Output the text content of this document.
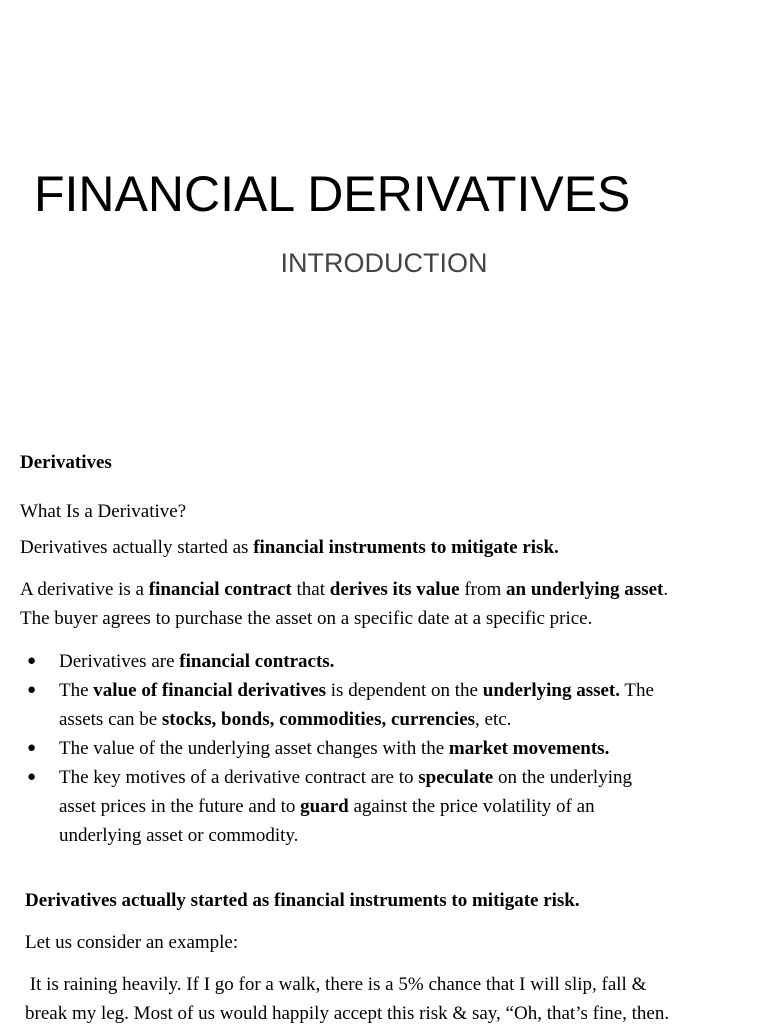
FINANCIAL DERIVATIVES
INTRODUCTION

Derivatives

What Is a Derivative?

Derivatives actually started as financial instruments to mitigate risk.

A derivative is a financial contract that derives its value from an underlying asset.
The buyer agrees to purchase the asset on a specific date at a specific price.

● Derivatives are financial contracts.
● The value of financial derivatives is dependent on the underlying asset. The
assets can be stocks, bonds, commodities, currencies, etc.
● The value of the underlying asset changes with the market movements.
● The key motives of a derivative contract are to speculate on the underlying
asset prices in the future and to guard against the price volatility of an
underlying asset or commodity.

Derivatives actually started as financial instruments to mitigate risk.

Let us consider an example:

It is raining heavily. If I go for a walk, there is a 5% chance that I will slip, fall &
break my leg. Most of us would happily accept this risk & say, “Oh, that’s fine, then.
